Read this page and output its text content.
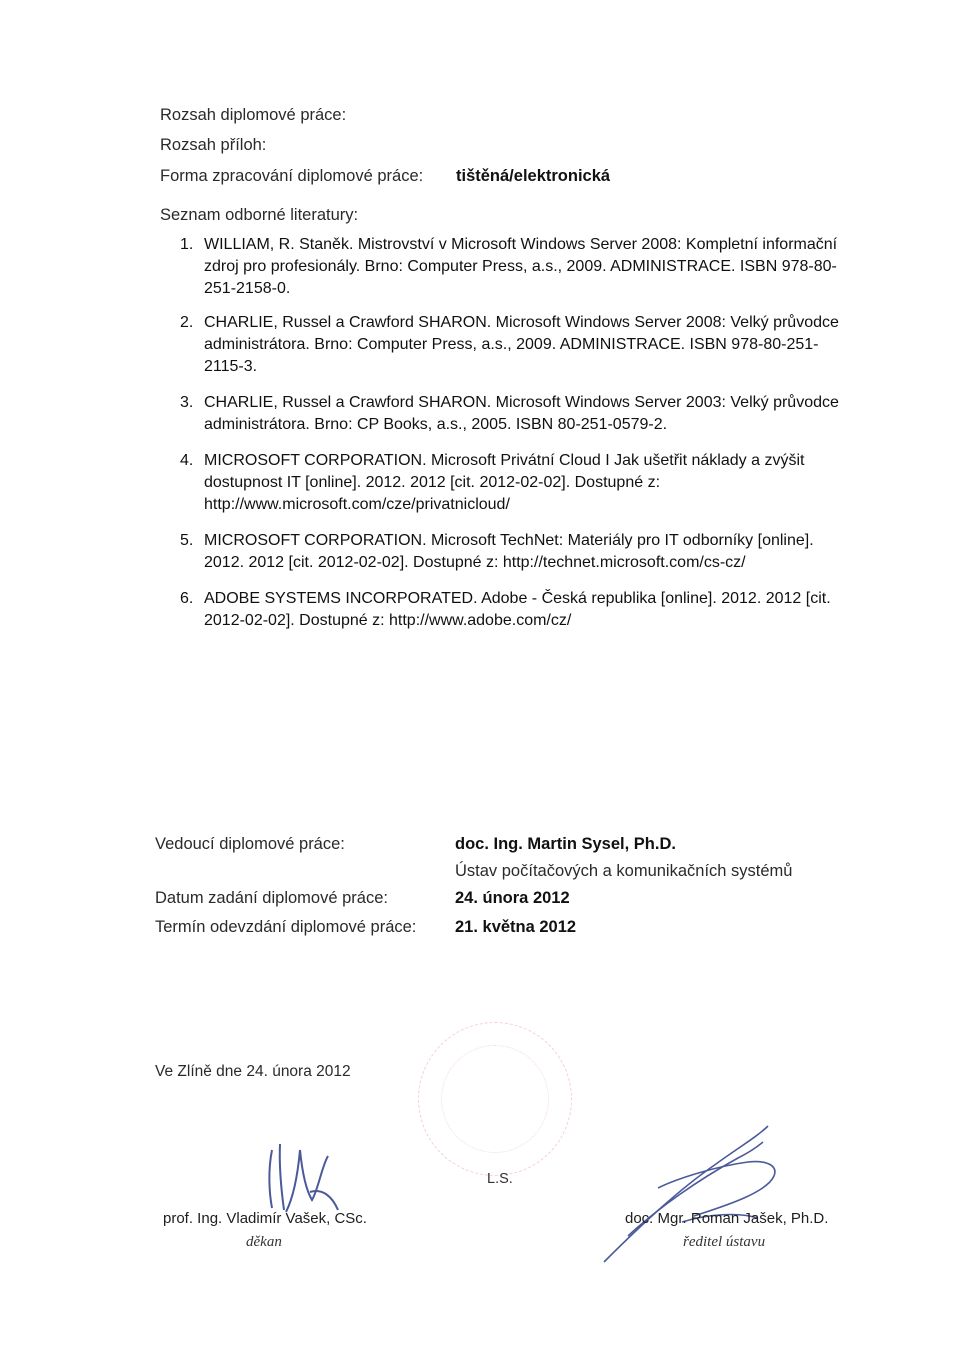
Rozsah diplomové práce:
Rozsah příloh:
Forma zpracování diplomové práce: tištěná/elektronická
Seznam odborné literatury:
1. WILLIAM, R. Staněk. Mistrovství v Microsoft Windows Server 2008: Kompletní informační zdroj pro profesionály. Brno: Computer Press, a.s., 2009. ADMINISTRACE. ISBN 978-80-251-2158-0.
2. CHARLIE, Russel a Crawford SHARON. Microsoft Windows Server 2008: Velký průvodce administrátora. Brno: Computer Press, a.s., 2009. ADMINISTRACE. ISBN 978-80-251-2115-3.
3. CHARLIE, Russel a Crawford SHARON. Microsoft Windows Server 2003: Velký průvodce administrátora. Brno: CP Books, a.s., 2005. ISBN 80-251-0579-2.
4. MICROSOFT CORPORATION. Microsoft Privátní Cloud I Jak ušetřit náklady a zvýšit dostupnost IT [online]. 2012. 2012 [cit. 2012-02-02]. Dostupné z: http://www.microsoft.com/cze/privatnicloud/
5. MICROSOFT CORPORATION. Microsoft TechNet: Materiály pro IT odborníky [online]. 2012. 2012 [cit. 2012-02-02]. Dostupné z: http://technet.microsoft.com/cs-cz/
6. ADOBE SYSTEMS INCORPORATED. Adobe - Česká republika [online]. 2012. 2012 [cit. 2012-02-02]. Dostupné z: http://www.adobe.com/cz/
Vedoucí diplomové práce:	doc. Ing. Martin Sysel, Ph.D.
Ústav počítačových a komunikačních systémů
Datum zadání diplomové práce:	24. února 2012
Termín odevzdání diplomové práce: 21. května 2012
Ve Zlíně dne 24. února 2012
L.S.
prof. Ing. Vladimír Vašek, CSc.
děkan
doc. Mgr. Roman Jašek, Ph.D.
ředitel ústavu
